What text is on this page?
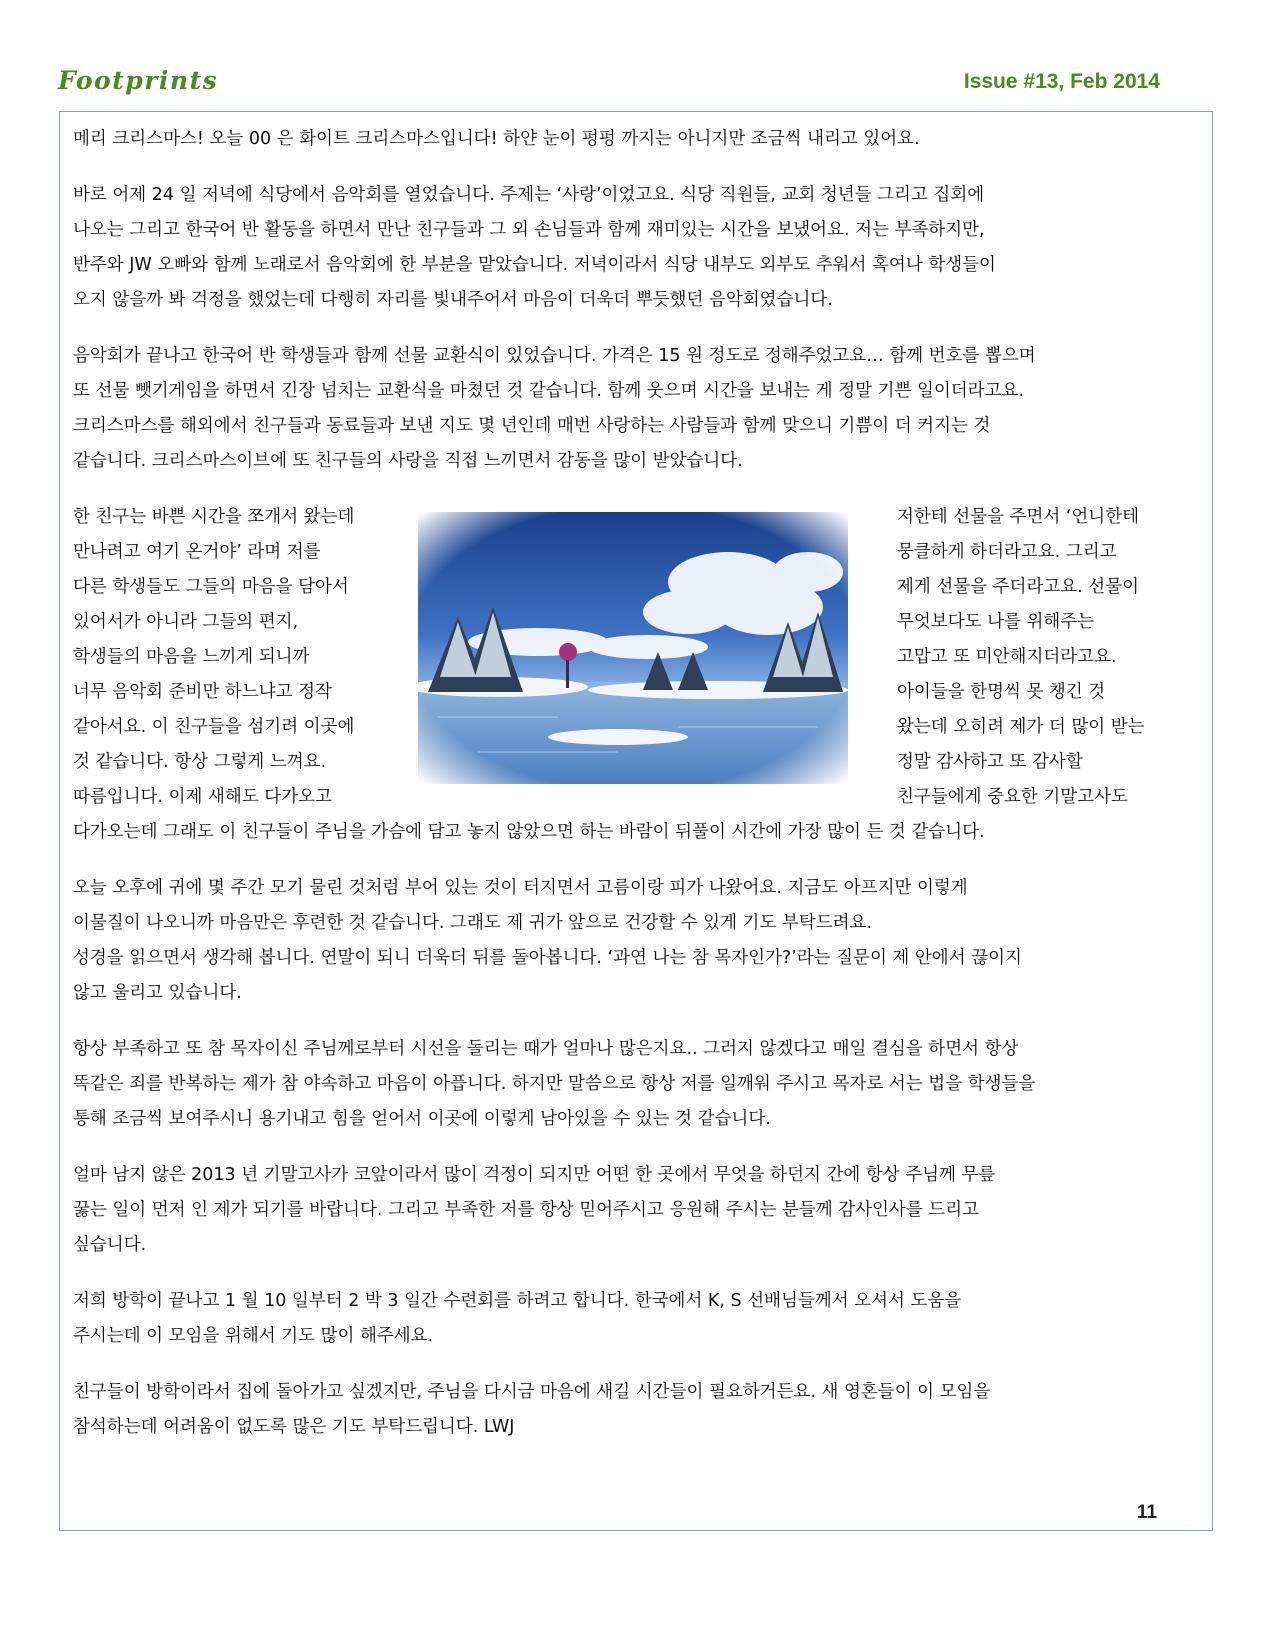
Footprints	Issue #13, Feb 2014

메리 크리스마스! 오늘 00 은 화이트 크리스마스입니다! 하얀 눈이 펑펑 까지는 아니지만 조금씩 내리고 있어요.

바로 어제 24 일 저녁에 식당에서 음악회를 열었습니다. 주제는 ‘사랑’이었고요. 식당 직원들, 교회 청년들 그리고 집회에
나오는 그리고 한국어 반 활동을 하면서 만난 친구들과 그 외 손님들과 함께 재미있는 시간을 보냈어요. 저는 부족하지만,
반주와 JW 오빠와 함께 노래로서 음악회에 한 부분을 맡았습니다. 저녁이라서 식당 내부도 외부도 추워서 혹여나 학생들이
오지 않을까 봐 걱정을 했었는데 다행히 자리를 빛내주어서 마음이 더욱더 뿌듯했던 음악회였습니다.

음악회가 끝나고 한국어 반 학생들과 함께 선물 교환식이 있었습니다. 가격은 15 원 정도로 정해주었고요… 함께 번호를 뽑으며
또 선물 뺏기게임을 하면서 긴장 넘치는 교환식을 마쳤던 것 같습니다. 함께 웃으며 시간을 보내는 게 정말 기쁜 일이더라고요.
크리스마스를 해외에서 친구들과 동료들과 보낸 지도 몇 년인데 매번 사랑하는 사람들과 함께 맞으니 기쁨이 더 커지는 것
같습니다. 크리스마스이브에 또 친구들의 사랑을 직접 느끼면서 감동을 많이 받았습니다.

한 친구는 바쁜 시간을 쪼개서 왔는데
만나려고 여기 온거야’ 라며 저를
다른 학생들도 그들의 마음을 담아서
있어서가 아니라 그들의 편지,
학생들의 마음을 느끼게 되니까
너무 음악회 준비만 하느냐고 정작
같아서요. 이 친구들을 섬기려 이곳에
것 같습니다. 항상 그렇게 느껴요.
따름입니다. 이제 새해도 다가오고
저한테 선물을 주면서 ‘언니한테
뭉클하게 하더라고요. 그리고
제게 선물을 주더라고요. 선물이
무엇보다도 나를 위해주는
고맙고 또 미안해지더라고요.
아이들을 한명씩 못 챙긴 것
왔는데 오히려 제가 더 많이 받는
정말 감사하고 또 감사할
친구들에게 중요한 기말고사도

다가오는데 그래도 이 친구들이 주님을 가슴에 담고 놓지 않았으면 하는 바람이 뒤풀이 시간에 가장 많이 든 것 같습니다.

오늘 오후에 귀에 몇 주간 모기 물린 것처럼 부어 있는 것이 터지면서 고름이랑 피가 나왔어요. 지금도 아프지만 이렇게
이물질이 나오니까 마음만은 후련한 것 같습니다. 그래도 제 귀가 앞으로 건강할 수 있게 기도 부탁드려요.
성경을 읽으면서 생각해 봅니다. 연말이 되니 더욱더 뒤를 돌아봅니다. ‘과연 나는 참 목자인가?’라는 질문이 제 안에서 끊이지
않고 울리고 있습니다.

항상 부족하고 또 참 목자이신 주님께로부터 시선을 돌리는 때가 얼마나 많은지요.. 그러지 않겠다고 매일 결심을 하면서 항상
똑같은 죄를 반복하는 제가 참 야속하고 마음이 아픕니다. 하지만 말씀으로 항상 저를 일깨워 주시고 목자로 서는 법을 학생들을
통해 조금씩 보여주시니 용기내고 힘을 얻어서 이곳에 이렇게 남아있을 수 있는 것 같습니다.

얼마 남지 않은 2013 년 기말고사가 코앞이라서 많이 걱정이 되지만 어떤 한 곳에서 무엇을 하던지 간에 항상 주님께 무릎
꿇는 일이 먼저 인 제가 되기를 바랍니다. 그리고 부족한 저를 항상 믿어주시고 응원해 주시는 분들께 감사인사를 드리고
싶습니다.

저희 방학이 끝나고 1 월 10 일부터 2 박 3 일간 수련회를 하려고 합니다. 한국에서 K, S 선배님들께서 오셔서 도움을
주시는데 이 모임을 위해서 기도 많이 해주세요.

친구들이 방학이라서 집에 돌아가고 싶겠지만, 주님을 다시금 마음에 새길 시간들이 필요하거든요. 새 영혼들이 이 모임을
참석하는데 어려움이 없도록 많은 기도 부탁드립니다. LWJ

11
